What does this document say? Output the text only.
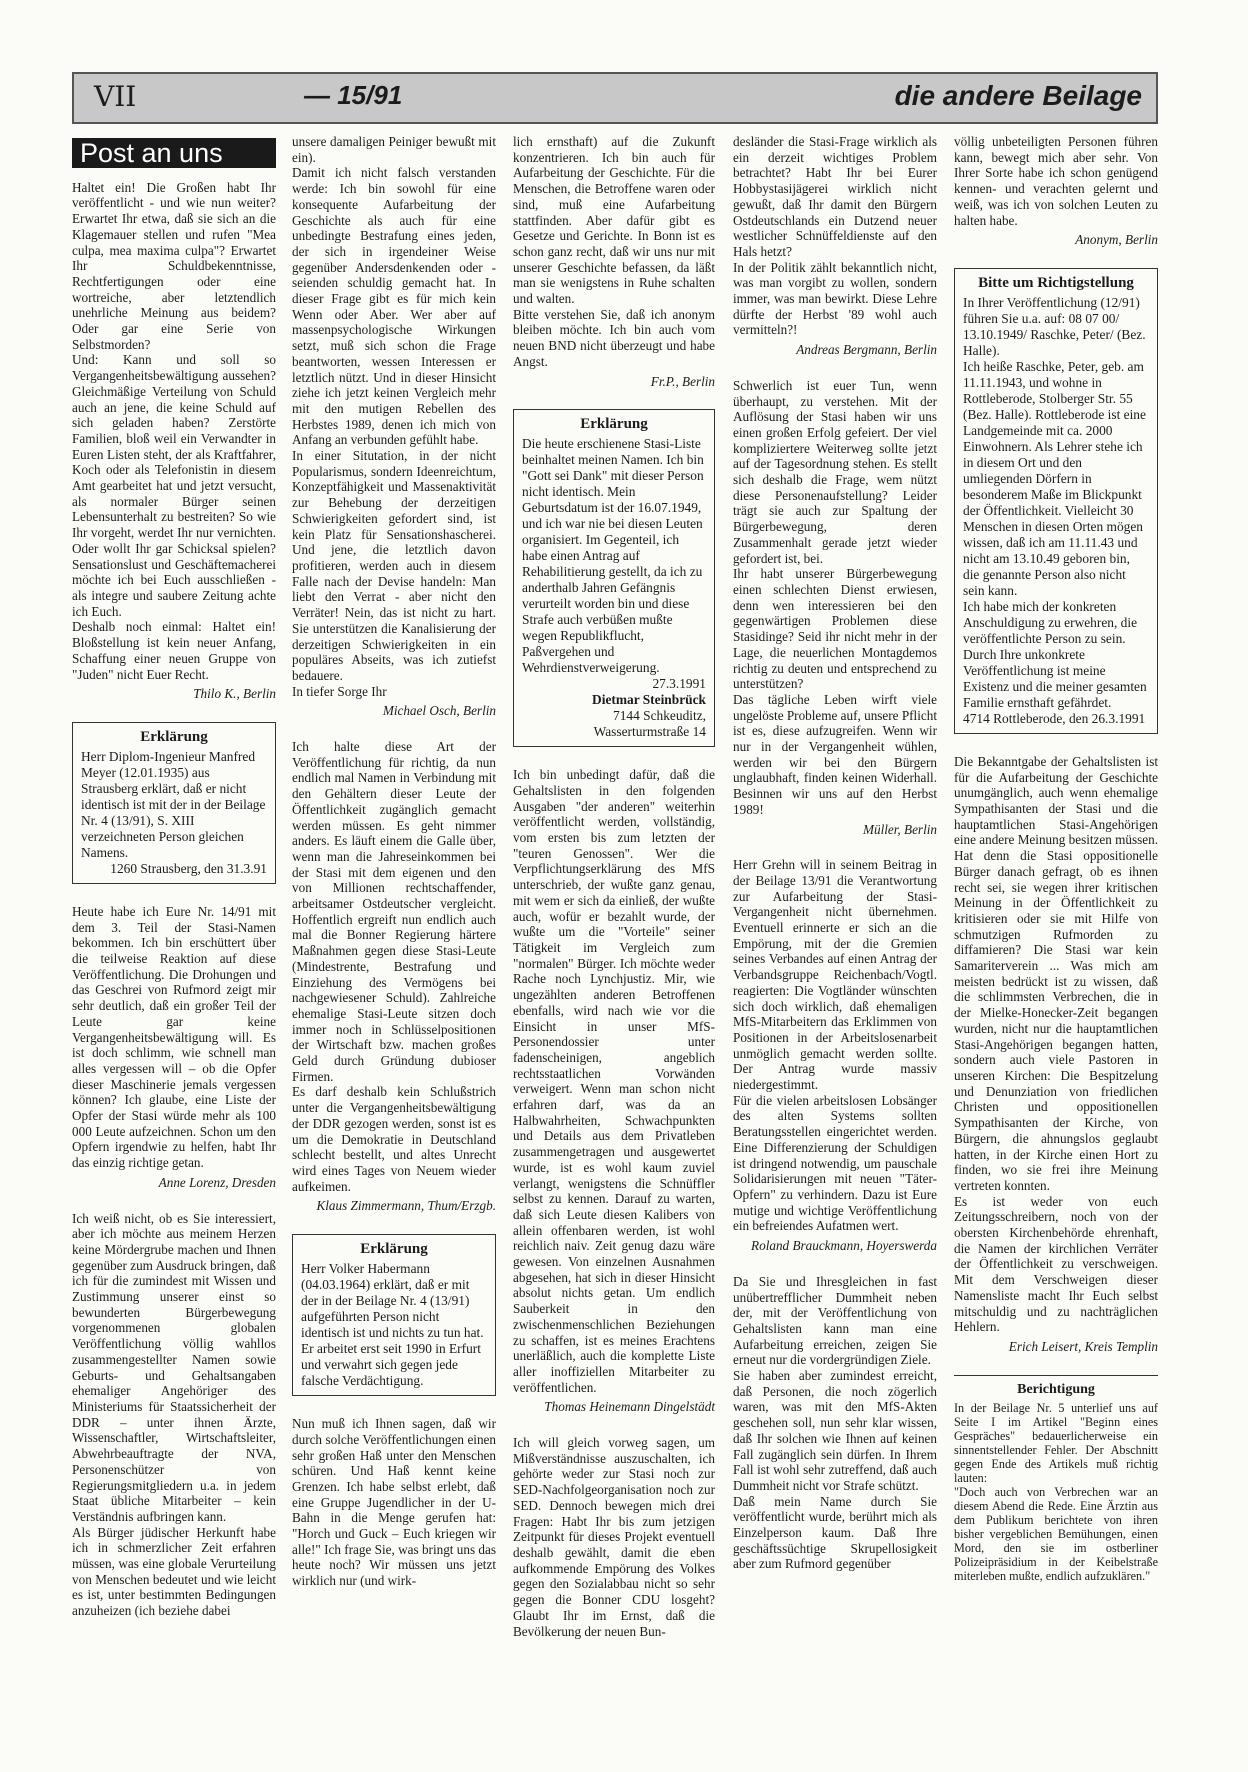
VII	— 15/91	die andere Beilage
Post an uns

Haltet ein! Die Großen habt Ihr veröffentlicht - und wie nun weiter? Erwartet Ihr etwa, daß sie sich an die Klagemauer stellen und rufen "Mea culpa, mea maxima culpa"? Erwartet Ihr Schuldbekenntnisse, Rechtfertigungen oder eine wortreiche, aber letztendlich unehrliche Meinung aus beidem? Oder gar eine Serie von Selbstmorden?

Und: Kann und soll so Vergangenheitsbewältigung aussehen? Gleichmäßige Verteilung von Schuld auch an jene, die keine Schuld auf sich geladen haben? Zerstörte Familien, bloß weil ein Verwandter in Euren Listen steht, der als Kraftfahrer, Koch oder als Telefonistin in diesem Amt gearbeitet hat und jetzt versucht, als normaler Bürger seinen Lebensunterhalt zu bestreiten? So wie Ihr vorgeht, werdet Ihr nur vernichten. Oder wollt Ihr gar Schicksal spielen? Sensationslust und Geschäftemacherei möchte ich bei Euch ausschließen - als integre und saubere Zeitung achte ich Euch.

Deshalb noch einmal: Haltet ein! Bloßstellung ist kein neuer Anfang, Schaffung einer neuen Gruppe von "Juden" nicht Euer Recht.

Thilo K., Berlin
Erklärung

Herr Diplom-Ingenieur Manfred Meyer (12.01.1935) aus Strausberg erklärt, daß er nicht identisch ist mit der in der Beilage Nr. 4 (13/91), S. XIII verzeichneten Person gleichen Namens.

1260 Strausberg, den 31.3.91

Heute habe ich Eure Nr. 14/91 mit dem 3. Teil der Stasi-Namen bekommen. Ich bin erschüttert über die teilweise Reaktion auf diese Veröffentlichung. Die Drohungen und das Geschrei von Rufmord zeigt mir sehr deutlich, daß ein großer Teil der Leute gar keine Vergangenheitsbewältigung will. Es ist doch schlimm, wie schnell man alles vergessen will – ob die Opfer dieser Maschinerie jemals vergessen können? Ich glaube, eine Liste der Opfer der Stasi würde mehr als 100 000 Leute aufzeichnen. Schon um den Opfern irgendwie zu helfen, habt Ihr das einzig richtige getan.

Anne Lorenz, Dresden

Ich weiß nicht, ob es Sie interessiert, aber ich möchte aus meinem Herzen keine Mördergrube machen und Ihnen gegenüber zum Ausdruck bringen, daß ich für die zumindest mit Wissen und Zustimmung unserer einst so bewunderten Bürgerbewegung vorgenommenen globalen Veröffentlichung völlig wahllos zusammengestellter Namen sowie Geburts- und Gehaltsangaben ehemaliger Angehöriger des Ministeriums für Staatssicherheit der DDR – unter ihnen Ärzte, Wissenschaftler, Wirtschaftsleiter, Abwehrbeauftragte der NVA, Personenschützer von Regierungsmitgliedern u.a. in jedem Staat übliche Mitarbeiter – kein Verständnis aufbringen kann.

Als Bürger jüdischer Herkunft habe ich in schmerzlicher Zeit erfahren müssen, was eine globale Verurteilung von Menschen bedeutet und wie leicht es ist, unter bestimmten Bedingungen anzuheizen (ich beziehe dabei

unsere damaligen Peiniger bewußt mit ein).

Damit ich nicht falsch verstanden werde: Ich bin sowohl für eine konsequente Aufarbeitung der Geschichte als auch für eine unbedingte Bestrafung eines jeden, der sich in irgendeiner Weise gegenüber Andersdenkenden oder -seienden schuldig gemacht hat. In dieser Frage gibt es für mich kein Wenn oder Aber. Wer aber auf massenpsychologische Wirkungen setzt, muß sich schon die Frage beantworten, wessen Interessen er letztlich nützt. Und in dieser Hinsicht ziehe ich jetzt keinen Vergleich mehr mit den mutigen Rebellen des Herbstes 1989, denen ich mich von Anfang an verbunden gefühlt habe.

In einer Situtation, in der nicht Popularismus, sondern Ideenreichtum, Konzeptfähigkeit und Massenaktivität zur Behebung der derzeitigen Schwierigkeiten gefordert sind, ist kein Platz für Sensationshascherei. Und jene, die letztlich davon profitieren, werden auch in diesem Falle nach der Devise handeln: Man liebt den Verrat - aber nicht den Verräter! Nein, das ist nicht zu hart. Sie unterstützen die Kanalisierung der derzeitigen Schwierigkeiten in ein populäres Abseits, was ich zutiefst bedauere.

In tiefer Sorge Ihr

Michael Osch, Berlin

Ich halte diese Art der Veröffentlichung für richtig, da nun endlich mal Namen in Verbindung mit den Gehältern dieser Leute der Öffentlichkeit zugänglich gemacht werden müssen. Es geht nimmer anders. Es läuft einem die Galle über, wenn man die Jahreseinkommen bei der Stasi mit dem eigenen und den von Millionen rechtschaffender, arbeitsamer Ostdeutscher vergleicht. Hoffentlich ergreift nun endlich auch mal die Bonner Regierung härtere Maßnahmen gegen diese Stasi-Leute (Mindestrente, Bestrafung und Einziehung des Vermögens bei nachgewiesener Schuld). Zahlreiche ehemalige Stasi-Leute sitzen doch immer noch in Schlüsselpositionen der Wirtschaft bzw. machen großes Geld durch Gründung dubioser Firmen.

Es darf deshalb kein Schlußstrich unter die Vergangenheitsbewältigung der DDR gezogen werden, sonst ist es um die Demokratie in Deutschland schlecht bestellt, und altes Unrecht wird eines Tages von Neuem wieder aufkeimen.

Klaus Zimmermann, Thum/Erzgb.
Erklärung

Herr Volker Habermann (04.03.1964) erklärt, daß er mit der in der Beilage Nr. 4 (13/91) aufgeführten Person nicht identisch ist und nichts zu tun hat. Er arbeitet erst seit 1990 in Erfurt und verwahrt sich gegen jede falsche Verdächtigung.

Nun muß ich Ihnen sagen, daß wir durch solche Veröffentlichungen einen sehr großen Haß unter den Menschen schüren. Und Haß kennt keine Grenzen. Ich habe selbst erlebt, daß eine Gruppe Jugendlicher in der U-Bahn in die Menge gerufen hat: "Horch und Guck – Euch kriegen wir alle!" Ich frage Sie, was bringt uns das heute noch? Wir müssen uns jetzt wirklich nur (und wirk-

lich ernsthaft) auf die Zukunft konzentrieren. Ich bin auch für Aufarbeitung der Geschichte. Für die Menschen, die Betroffene waren oder sind, muß eine Aufarbeitung stattfinden. Aber dafür gibt es Gesetze und Gerichte. In Bonn ist es schon ganz recht, daß wir uns nur mit unserer Geschichte befassen, da läßt man sie wenigstens in Ruhe schalten und walten.

Bitte verstehen Sie, daß ich anonym bleiben möchte. Ich bin auch vom neuen BND nicht überzeugt und habe Angst.

Fr.P., Berlin
Erklärung

Die heute erschienene Stasi-Liste beinhaltet meinen Namen. Ich bin "Gott sei Dank" mit dieser Person nicht identisch. Mein Geburtsdatum ist der 16.07.1949, und ich war nie bei diesen Leuten organisiert. Im Gegenteil, ich habe einen Antrag auf Rehabilitierung gestellt, da ich zu anderthalb Jahren Gefängnis verurteilt worden bin und diese Strafe auch verbüßen mußte wegen Republikflucht, Paßvergehen und Wehrdienstverweigerung.

27.3.1991

Dietmar Steinbrück

7144 Schkeuditz,

Wasserturmstraße 14

Ich bin unbedingt dafür, daß die Gehaltslisten in den folgenden Ausgaben "der anderen" weiterhin veröffentlicht werden, vollständig, vom ersten bis zum letzten der "teuren Genossen". Wer die Verpflichtungserklärung des MfS unterschrieb, der wußte ganz genau, mit wem er sich da einließ, der wußte auch, wofür er bezahlt wurde, der wußte um die "Vorteile" seiner Tätigkeit im Vergleich zum "normalen" Bürger. Ich möchte weder Rache noch Lynchjustiz. Mir, wie ungezählten anderen Betroffenen ebenfalls, wird nach wie vor die Einsicht in unser MfS-Personendossier unter fadenscheinigen, angeblich rechtsstaatlichen Vorwänden verweigert. Wenn man schon nicht erfahren darf, was da an Halbwahrheiten, Schwachpunkten und Details aus dem Privatleben zusammengetragen und ausgewertet wurde, ist es wohl kaum zuviel verlangt, wenigstens die Schnüffler selbst zu kennen. Darauf zu warten, daß sich Leute diesen Kalibers von allein offenbaren werden, ist wohl reichlich naiv. Zeit genug dazu wäre gewesen. Von einzelnen Ausnahmen abgesehen, hat sich in dieser Hinsicht absolut nichts getan. Um endlich Sauberkeit in den zwischenmenschlichen Beziehungen zu schaffen, ist es meines Erachtens unerläßlich, auch die komplette Liste aller inoffiziellen Mitarbeiter zu veröffentlichen.

Thomas Heinemann Dingelstädt

Ich will gleich vorweg sagen, um Mißverständnisse auszuschalten, ich gehörte weder zur Stasi noch zur SED-Nachfolgeorganisation noch zur SED. Dennoch bewegen mich drei Fragen: Habt Ihr bis zum jetzigen Zeitpunkt für dieses Projekt eventuell deshalb gewählt, damit die eben aufkommende Empörung des Volkes gegen den Sozialabbau nicht so sehr gegen die Bonner CDU losgeht? Glaubt Ihr im Ernst, daß die Bevölkerung der neuen Bun-

desländer die Stasi-Frage wirklich als ein derzeit wichtiges Problem betrachtet? Habt Ihr bei Eurer Hobbystasijägerei wirklich nicht gewußt, daß Ihr damit den Bürgern Ostdeutschlands ein Dutzend neuer westlicher Schnüffeldienste auf den Hals hetzt?

In der Politik zählt bekanntlich nicht, was man vorgibt zu wollen, sondern immer, was man bewirkt. Diese Lehre dürfte der Herbst '89 wohl auch vermitteln?!

Andreas Bergmann, Berlin

Schwerlich ist euer Tun, wenn überhaupt, zu verstehen. Mit der Auflösung der Stasi haben wir uns einen großen Erfolg gefeiert. Der viel kompliziertere Weiterweg sollte jetzt auf der Tagesordnung stehen. Es stellt sich deshalb die Frage, wem nützt diese Personenaufstellung? Leider trägt sie auch zur Spaltung der Bürgerbewegung, deren Zusammenhalt gerade jetzt wieder gefordert ist, bei.

Ihr habt unserer Bürgerbewegung einen schlechten Dienst erwiesen, denn wen interessieren bei den gegenwärtigen Problemen diese Stasidinge? Seid ihr nicht mehr in der Lage, die neuerlichen Montagdemos richtig zu deuten und entsprechend zu unterstützen?

Das tägliche Leben wirft viele ungelöste Probleme auf, unsere Pflicht ist es, diese aufzugreifen. Wenn wir nur in der Vergangenheit wühlen, werden wir bei den Bürgern unglaubhaft, finden keinen Widerhall. Besinnen wir uns auf den Herbst 1989!

Müller, Berlin

Herr Grehn will in seinem Beitrag in der Beilage 13/91 die Verantwortung zur Aufarbeitung der Stasi-Vergangenheit nicht übernehmen. Eventuell erinnerte er sich an die Empörung, mit der die Gremien seines Verbandes auf einen Antrag der Verbandsgruppe Reichenbach/Vogtl. reagierten: Die Vogtländer wünschten sich doch wirklich, daß ehemaligen MfS-Mitarbeitern das Erklimmen von Positionen in der Arbeitslosenarbeit unmöglich gemacht werden sollte. Der Antrag wurde massiv niedergestimmt.

Für die vielen arbeitslosen Lobsänger des alten Systems sollten Beratungsstellen eingerichtet werden. Eine Differenzierung der Schuldigen ist dringend notwendig, um pauschale Solidarisierungen mit neuen "Täter-Opfern" zu verhindern. Dazu ist Eure mutige und wichtige Veröffentlichung ein befreiendes Aufatmen wert.

Roland Brauckmann, Hoyerswerda

Da Sie und Ihresgleichen in fast unübertrefflicher Dummheit neben der, mit der Veröffentlichung von Gehaltslisten kann man eine Aufarbeitung erreichen, zeigen Sie erneut nur die vordergründigen Ziele.

Sie haben aber zumindest erreicht, daß Personen, die noch zögerlich waren, was mit den MfS-Akten geschehen soll, nun sehr klar wissen, daß Ihr solchen wie Ihnen auf keinen Fall zugänglich sein dürfen. In Ihrem Fall ist wohl sehr zutreffend, daß auch Dummheit nicht vor Strafe schützt.

Daß mein Name durch Sie veröffentlicht wurde, berührt mich als Einzelperson kaum. Daß Ihre geschäftssüchtige Skrupellosigkeit aber zum Rufmord gegenüber

völlig unbeteiligten Personen führen kann, bewegt mich aber sehr. Von Ihrer Sorte habe ich schon genügend kennen- und verachten gelernt und weiß, was ich von solchen Leuten zu halten habe.

Anonym, Berlin
Bitte um Richtigstellung

In Ihrer Veröffentlichung (12/91) führen Sie u.a. auf: 08 07 00/ 13.10.1949/ Raschke, Peter/ (Bez. Halle).

Ich heiße Raschke, Peter, geb. am 11.11.1943, und wohne in Rottleberode, Stolberger Str. 55 (Bez. Halle). Rottleberode ist eine Landgemeinde mit ca. 2000 Einwohnern. Als Lehrer stehe ich in diesem Ort und den umliegenden Dörfern in besonderem Maße im Blickpunkt der Öffentlichkeit. Vielleicht 30 Menschen in diesen Orten mögen wissen, daß ich am 11.11.43 und nicht am 13.10.49 geboren bin, die genannte Person also nicht sein kann.

Ich habe mich der konkreten Anschuldigung zu erwehren, die veröffentlichte Person zu sein. Durch Ihre unkonkrete Veröffentlichung ist meine Existenz und die meiner gesamten Familie ernsthaft gefährdet.

4714 Rottleberode, den 26.3.1991

Die Bekanntgabe der Gehaltslisten ist für die Aufarbeitung der Geschichte unumgänglich, auch wenn ehemalige Sympathisanten der Stasi und die hauptamtlichen Stasi-Angehörigen eine andere Meinung besitzen müssen. Hat denn die Stasi oppositionelle Bürger danach gefragt, ob es ihnen recht sei, sie wegen ihrer kritischen Meinung in der Öffentlichkeit zu kritisieren oder sie mit Hilfe von schmutzigen Rufmorden zu diffamieren? Die Stasi war kein Samariterverein ... Was mich am meisten bedrückt ist zu wissen, daß die schlimmsten Verbrechen, die in der Mielke-Honecker-Zeit begangen wurden, nicht nur die hauptamtlichen Stasi-Angehörigen begangen hatten, sondern auch viele Pastoren in unseren Kirchen: Die Bespitzelung und Denunziation von friedlichen Christen und oppositionellen Sympathisanten der Kirche, von Bürgern, die ahnungslos geglaubt hatten, in der Kirche einen Hort zu finden, wo sie frei ihre Meinung vertreten konnten.

Es ist weder von euch Zeitungsschreibern, noch von der obersten Kirchenbehörde ehrenhaft, die Namen der kirchlichen Verräter der Öffentlichkeit zu verschweigen. Mit dem Verschweigen dieser Namensliste macht Ihr Euch selbst mitschuldig und zu nachträglichen Hehlern.

Erich Leisert, Kreis Templin
Berichtigung

In der Beilage Nr. 5 unterlief uns auf Seite I im Artikel "Beginn eines Gespräches" bedauerlicherweise ein sinnentstellender Fehler. Der Abschnitt gegen Ende des Artikels muß richtig lauten:

"Doch auch von Verbrechen war an diesem Abend die Rede. Eine Ärztin aus dem Publikum berichtete von ihren bisher vergeblichen Bemühungen, einen Mord, den sie im ostberliner Polizeipräsidium in der Keibelstraße miterleben mußte, endlich aufzuklären."
